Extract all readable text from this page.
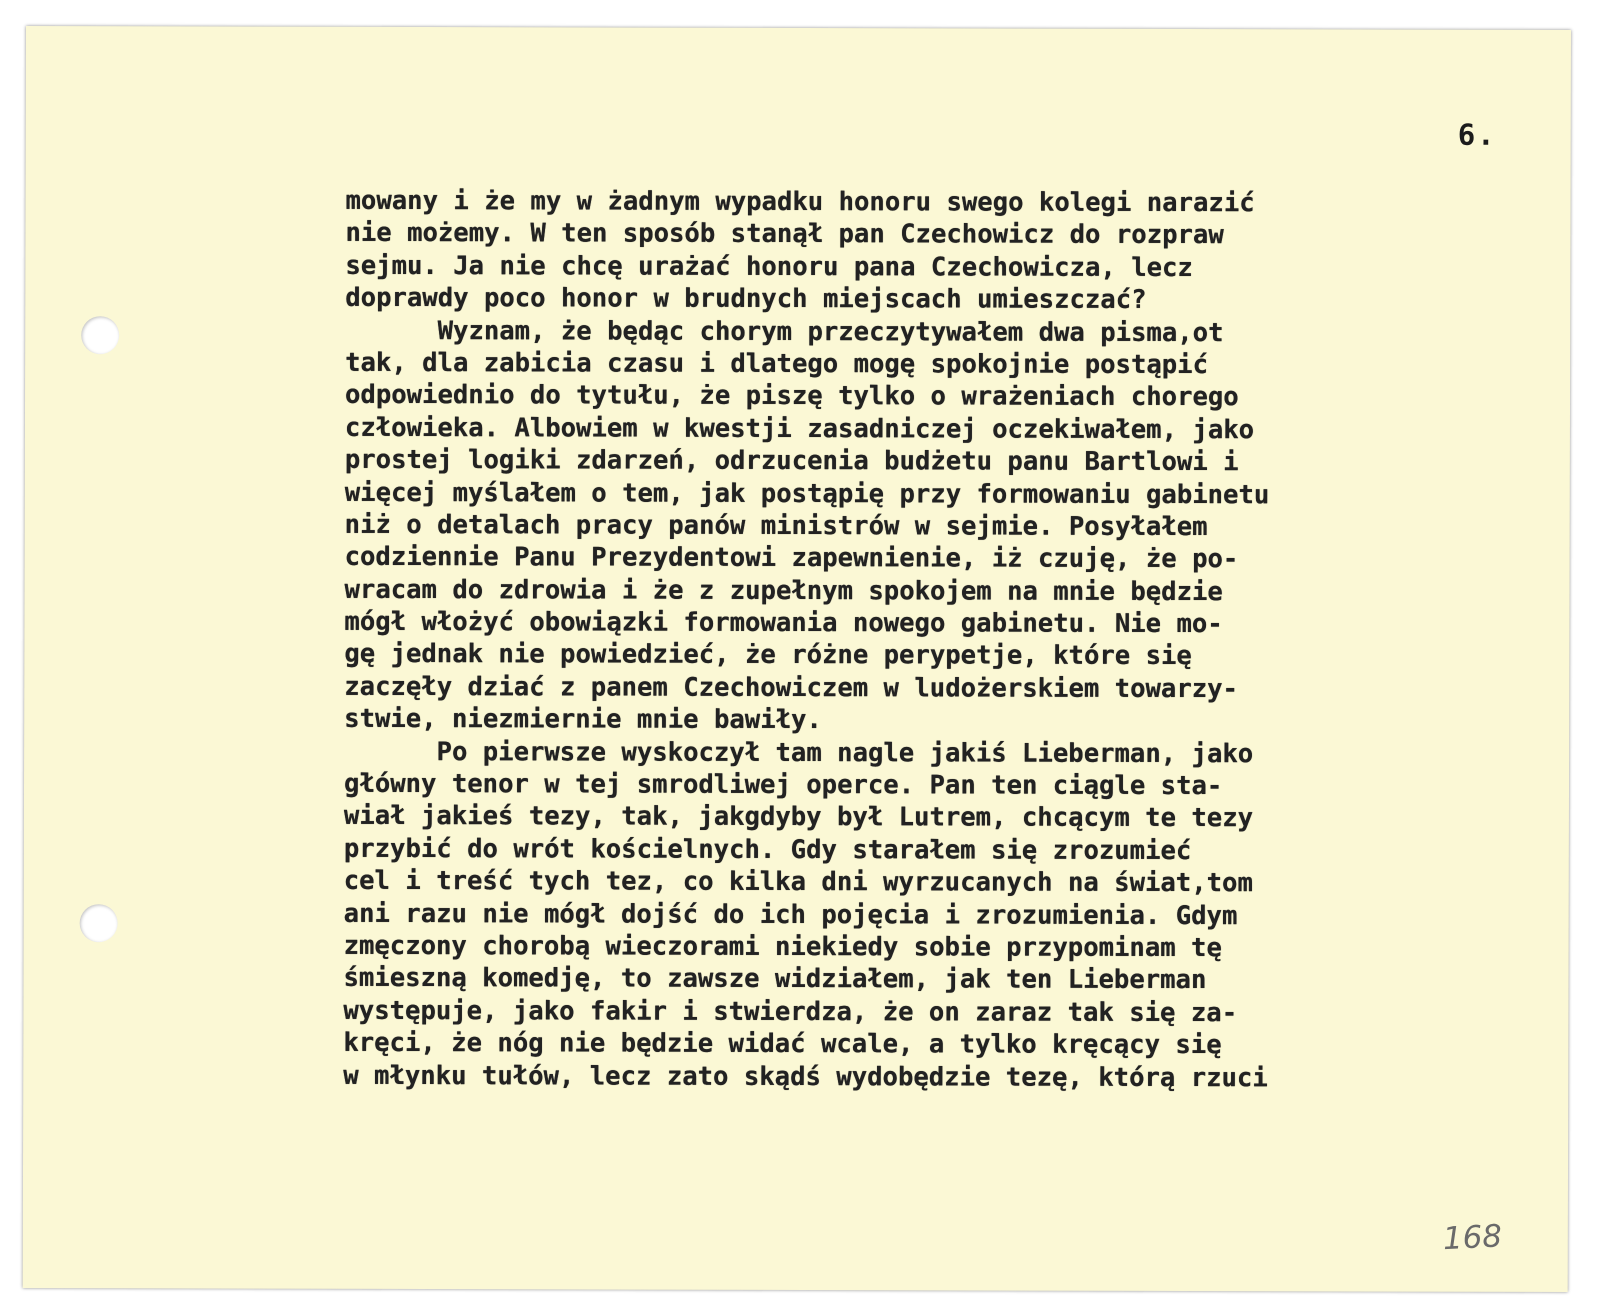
6.
mowany i że my w żadnym wypadku honoru swego kolegi narazić
nie możemy. W ten sposób stanął pan Czechowicz do rozpraw
sejmu. Ja nie chcę urażać honoru pana Czechowicza, lecz
doprawdy poco honor w brudnych miejscach umieszczać?
Wyznam, że będąc chorym przeczytywałem dwa pisma,ot
tak, dla zabicia czasu i dlatego mogę spokojnie postąpić
odpowiednio do tytułu, że piszę tylko o wrażeniach chorego
człowieka. Albowiem w kwestji zasadniczej oczekiwałem, jako
prostej logiki zdarzeń, odrzucenia budżetu panu Bartlowi i
więcej myślałem o tem, jak postąpię przy formowaniu gabinetu
niż o detalach pracy panów ministrów w sejmie. Posyłałem
codziennie Panu Prezydentowi zapewnienie, iż czuję, że po-
wracam do zdrowia i że z zupełnym spokojem na mnie będzie
mógł włożyć obowiązki formowania nowego gabinetu. Nie mo-
gę jednak nie powiedzieć, że różne perypetje, które się
zaczęły dziać z panem Czechowiczem w ludożerskiem towarzy-
stwie, niezmiernie mnie bawiły.
Po pierwsze wyskoczył tam nagle jakiś Lieberman, jako
główny tenor w tej smrodliwej operce. Pan ten ciągle sta-
wiał jakieś tezy, tak, jakgdyby był Lutrem, chcącym te tezy
przybić do wrót kościelnych. Gdy starałem się zrozumieć
cel i treść tych tez, co kilka dni wyrzucanych na świat,tom
ani razu nie mógł dojść do ich pojęcia i zrozumienia. Gdym
zmęczony chorobą wieczorami niekiedy sobie przypominam tę
śmieszną komedję, to zawsze widziałem, jak ten Lieberman
występuje, jako fakir i stwierdza, że on zaraz tak się za-
kręci, że nóg nie będzie widać wcale, a tylko kręcący się
w młynku tułów, lecz zato skądś wydobędzie tezę, którą rzuci
168
